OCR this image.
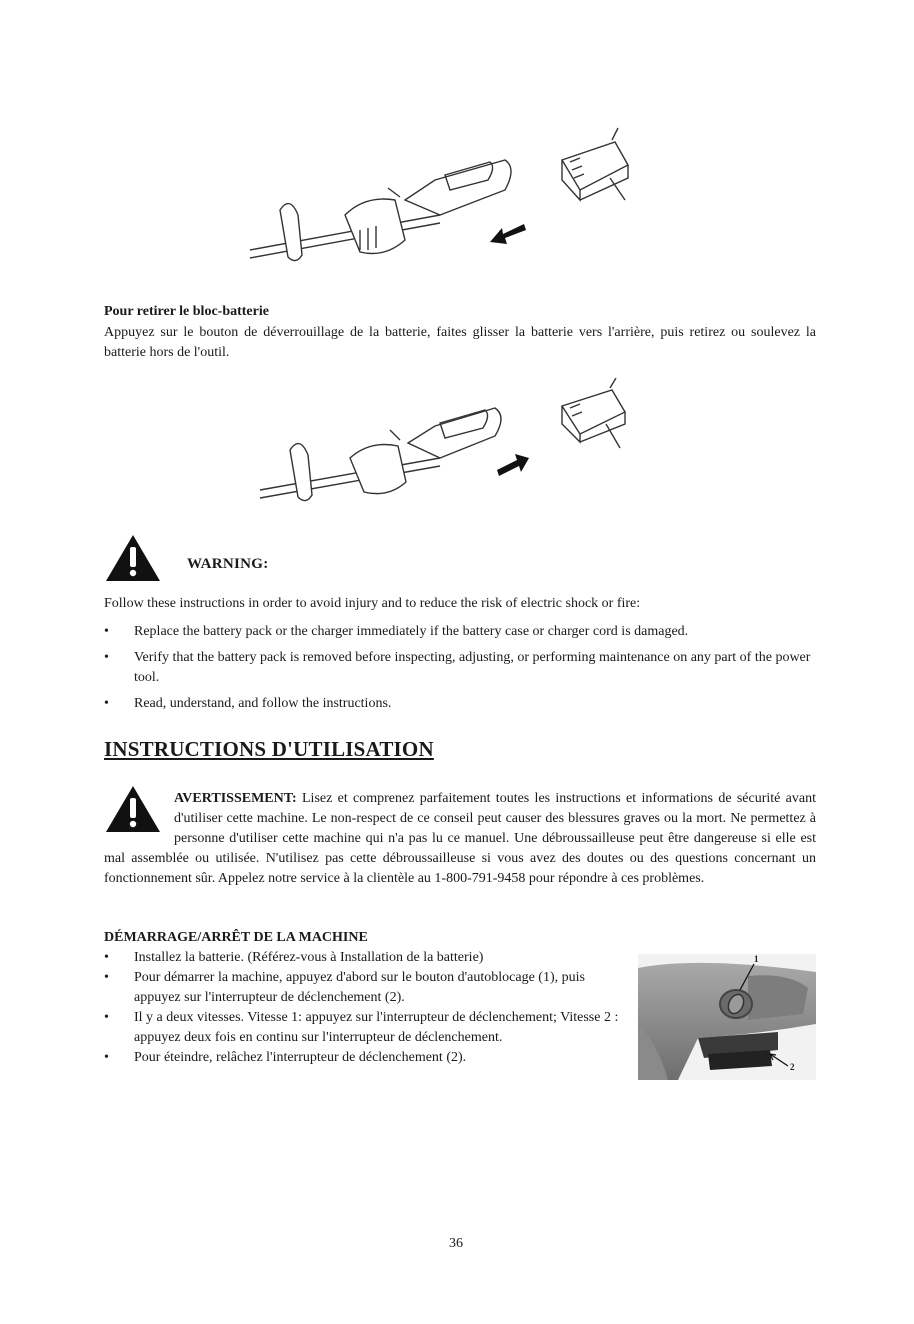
Pour retirer le bloc-batterie
Appuyez sur le bouton de déverrouillage de la batterie, faites glisser la batterie vers l'arrière, puis retirez ou soulevez la batterie hors de l'outil.
WARNING:
Follow these instructions in order to avoid injury and to reduce the risk of electric shock or fire:
• Replace the battery pack or the charger immediately if the battery case or charger cord is damaged.
• Verify that the battery pack is removed before inspecting, adjusting, or performing maintenance on any part of the power tool.
• Read, understand, and follow the instructions.
INSTRUCTIONS D'UTILISATION
AVERTISSEMENT: Lisez et comprenez parfaitement toutes les instructions et informations de sécurité avant d'utiliser cette machine. Le non-respect de ce conseil peut causer des blessures graves ou la mort. Ne permettez à personne d'utiliser cette machine qui n'a pas lu ce manuel. Une débroussailleuse peut être dangereuse si elle est mal assemblée ou utilisée. N'utilisez pas cette débroussailleuse si vous avez des doutes ou des questions concernant un fonctionnement sûr. Appelez notre service à la clientèle au 1-800-791-9458 pour répondre à ces problèmes.
DÉMARRAGE/ARRÊT DE LA MACHINE
• Installez la batterie. (Référez-vous à Installation de la batterie)
• Pour démarrer la machine, appuyez d'abord sur le bouton d'autoblocage (1), puis appuyez sur l'interrupteur de déclenchement (2).
• Il y a deux vitesses. Vitesse 1: appuyez sur l'interrupteur de déclenchement; Vitesse 2 : appuyez deux fois en continu sur l'interrupteur de déclenchement.
• Pour éteindre, relâchez l'interrupteur de déclenchement (2).
1
2
36
